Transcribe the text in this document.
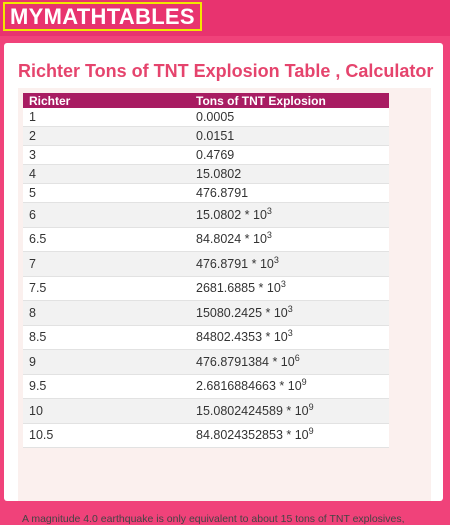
MYMATHTABLES
Richter Tons of TNT Explosion Table , Calculator
Richter	Tons of TNT Explosion
1	0.0005
2	0.0151
3	0.4769
4	15.0802
5	476.8791
6	$15.0802 * 10^3$
6.5	$84.8024 * 10^3$
7	$476.8791 * 10^3$
7.5	$2681.6885 * 10^3$
8	$15080.2425 * 10^3$
8.5	$84802.4353 * 10^3$
9	$476.8791384 * 10^6$
9.5	$2.6816884663 * 10^9$
10	$15.0802424589 * 10^9$
10.5	$84.8024352853 * 10^9$
A magnitude 4.0 earthquake is only equivalent to about 15 tons of TNT explosives,
